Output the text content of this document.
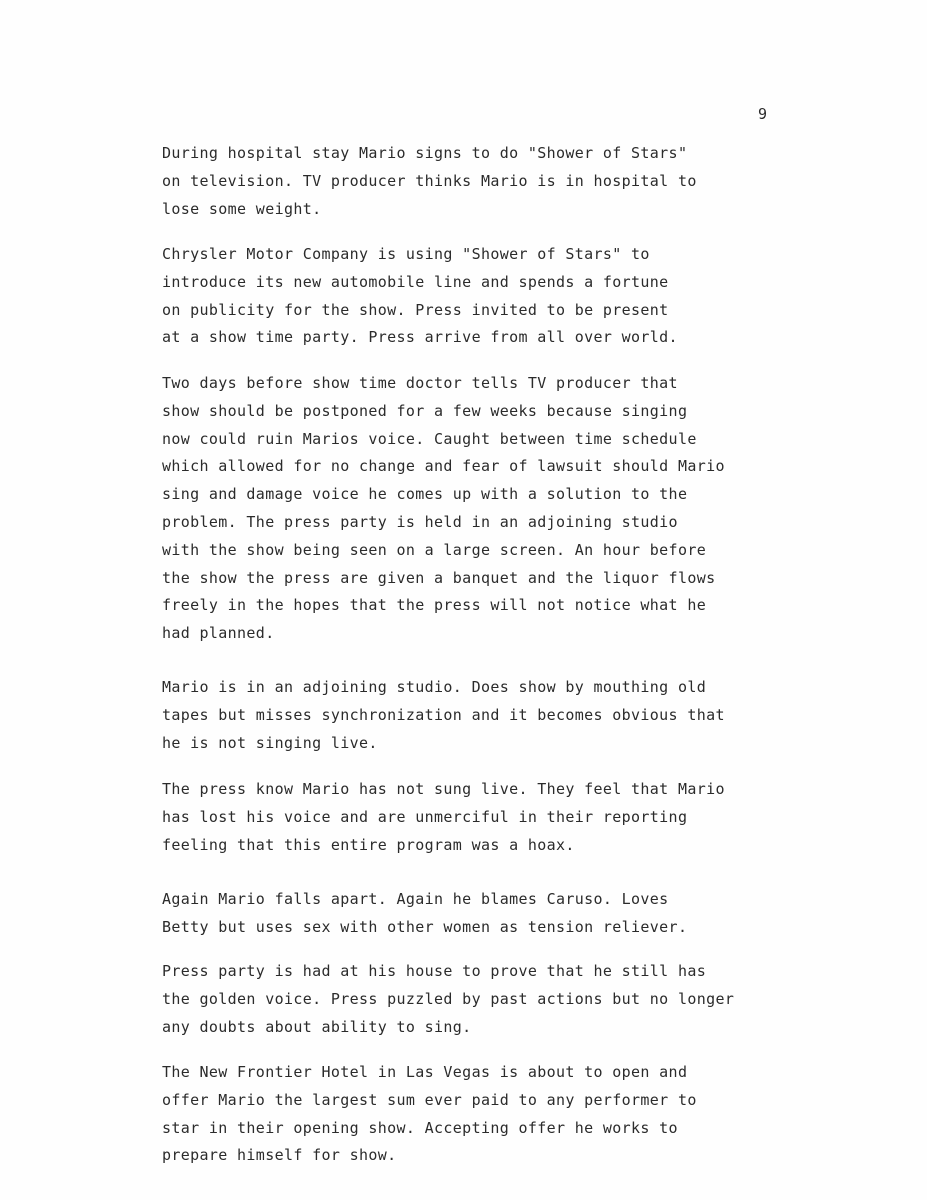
9

During hospital stay Mario signs to do "Shower of Stars"
on television. TV producer thinks Mario is in hospital to
lose some weight.

Chrysler Motor Company is using "Shower of Stars" to
introduce its new automobile line and spends a fortune
on publicity for the show. Press invited to be present
at a show time party. Press arrive from all over world.

Two days before show time doctor tells TV producer that
show should be postponed for a few weeks because singing
now could ruin Marios voice. Caught between time schedule
which allowed for no change and fear of lawsuit should Mario
sing and damage voice he comes up with a solution to the
problem. The press party is held in an adjoining studio
with the show being seen on a large screen. An hour before
the show the press are given a banquet and the liquor flows
freely in the hopes that the press will not notice what he
had planned.

Mario is in an adjoining studio. Does show by mouthing old
tapes but misses synchronization and it becomes obvious that
he is not singing live.

The press know Mario has not sung live. They feel that Mario
has lost his voice and are unmerciful in their reporting
feeling that this entire program was a hoax.

Again Mario falls apart. Again he blames Caruso. Loves
Betty but uses sex with other women as tension reliever.

Press party is had at his house to prove that he still has
the golden voice. Press puzzled by past actions but no longer
any doubts about ability to sing.

The New Frontier Hotel in Las Vegas is about to open and
offer Mario the largest sum ever paid to any performer to
star in their opening show. Accepting offer he works to
prepare himself for show.
